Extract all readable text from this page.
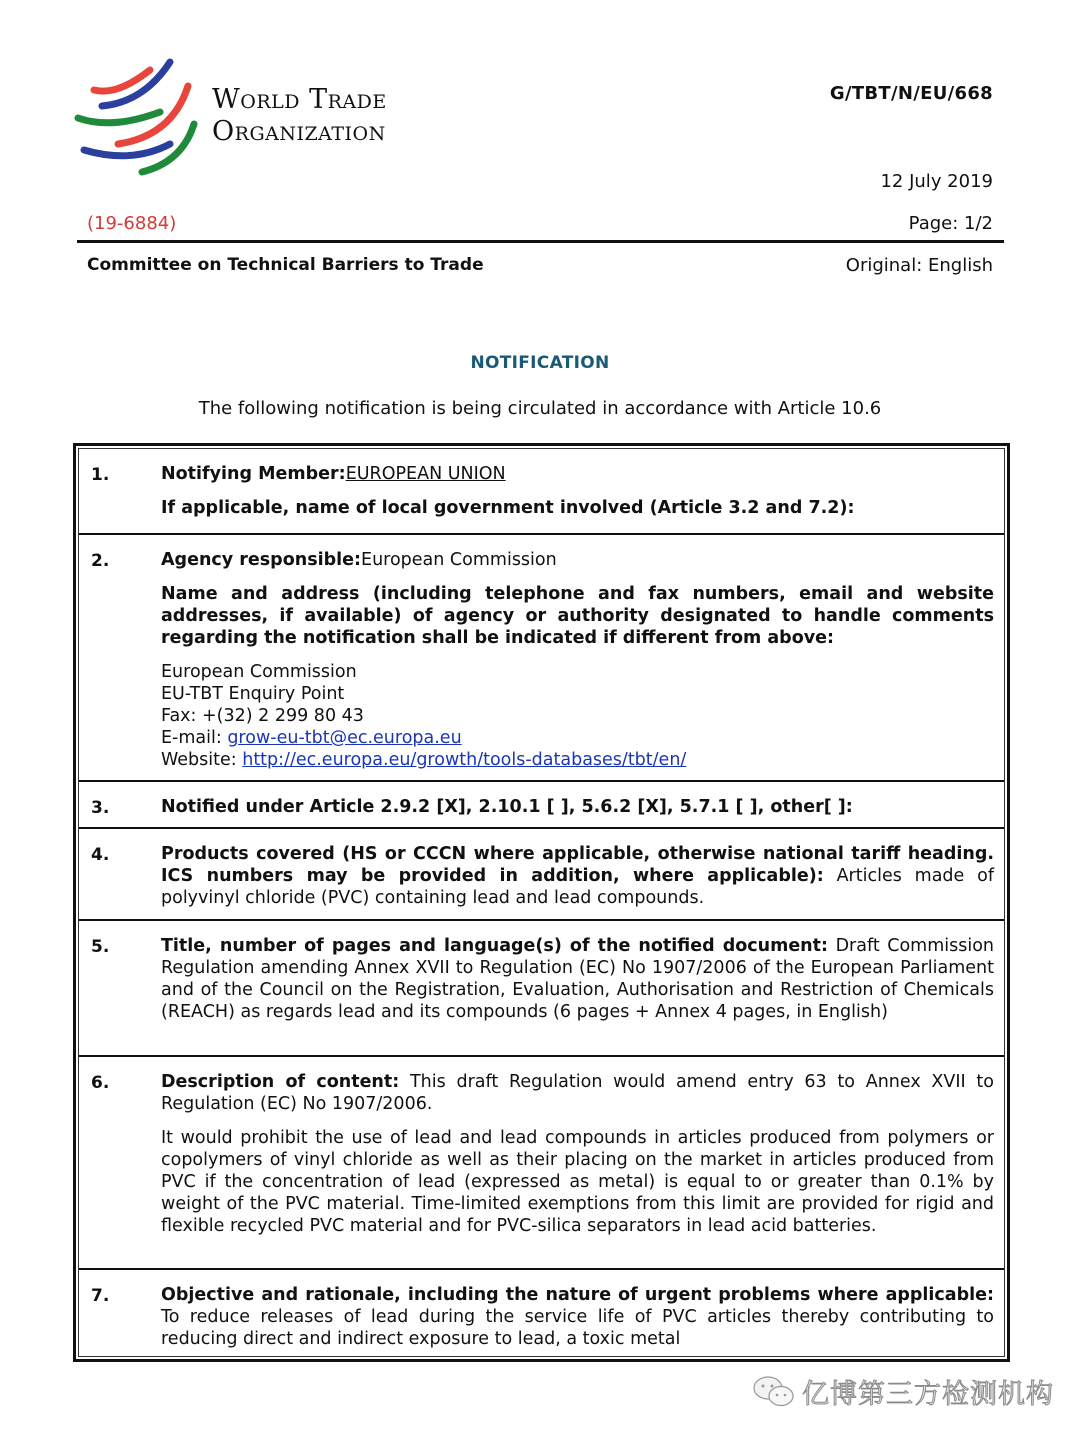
World Trade
Organization
G/TBT/N/EU/668
12 July 2019
(19-6884)	Page: 1/2
Committee on Technical Barriers to Trade	Original: English
NOTIFICATION
The following notification is being circulated in accordance with Article 10.6
1.	Notifying Member:EUROPEAN UNION

If applicable, name of local government involved (Article 3.2 and 7.2):

2.	Agency responsible:European Commission

Name and address (including telephone and fax numbers, email and website addresses, if available) of agency or authority designated to handle comments regarding the notification shall be indicated if different from above:

European Commission
EU-TBT Enquiry Point
Fax: +(32) 2 299 80 43
E-mail: grow-eu-tbt@ec.europa.eu
Website: http://ec.europa.eu/growth/tools-databases/tbt/en/
3.	Notified under Article 2.9.2 [X], 2.10.1 [ ], 5.6.2 [X], 5.7.1 [ ], other[ ]:

4.	Products covered (HS or CCCN where applicable, otherwise national tariff heading. ICS numbers may be provided in addition, where applicable): Articles made of polyvinyl chloride (PVC) containing lead and lead compounds.

5.	Title, number of pages and language(s) of the notified document: Draft Commission Regulation amending Annex XVII to Regulation (EC) No 1907/2006 of the European Parliament and of the Council on the Registration, Evaluation, Authorisation and Restriction of Chemicals (REACH) as regards lead and its compounds (6 pages + Annex 4 pages, in English)

6.	Description of content: This draft Regulation would amend entry 63 to Annex XVII to Regulation (EC) No 1907/2006.

It would prohibit the use of lead and lead compounds in articles produced from polymers or copolymers of vinyl chloride as well as their placing on the market in articles produced from PVC if the concentration of lead (expressed as metal) is equal to or greater than 0.1% by weight of the PVC material. Time-limited exemptions from this limit are provided for rigid and flexible recycled PVC material and for PVC-silica separators in lead acid batteries.

7.	Objective and rationale, including the nature of urgent problems where applicable: To reduce releases of lead during the service life of PVC articles thereby contributing to reducing direct and indirect exposure to lead, a toxic metal

亿博第三方检测机构
